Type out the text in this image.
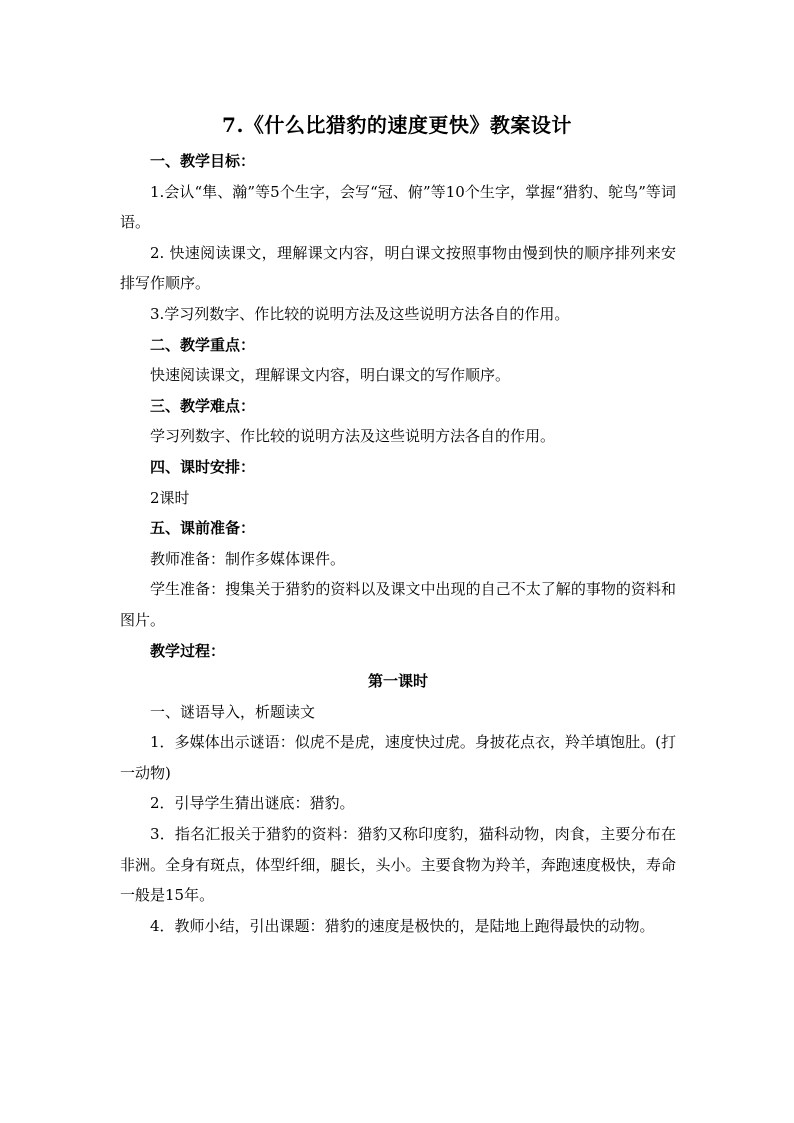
7.《什么比猎豹的速度更快》教案设计

一、教学目标：

1.会认“隼、瀚”等5个生字，会写“冠、俯”等10个生字，掌握“猎豹、鸵鸟”等词语。

2. 快速阅读课文，理解课文内容，明白课文按照事物由慢到快的顺序排列来安排写作顺序。

3.学习列数字、作比较的说明方法及这些说明方法各自的作用。

二、教学重点：

快速阅读课文，理解课文内容，明白课文的写作顺序。

三、教学难点：

学习列数字、作比较的说明方法及这些说明方法各自的作用。

四、课时安排：

2课时

五、课前准备：

教师准备：制作多媒体课件。

学生准备：搜集关于猎豹的资料以及课文中出现的自己不太了解的事物的资料和图片。

教学过程：

第一课时

一、谜语导入，析题读文

1．多媒体出示谜语：似虎不是虎，速度快过虎。身披花点衣，羚羊填饱肚。(打一动物)

2．引导学生猜出谜底：猎豹。

3．指名汇报关于猎豹的资料：猎豹又称印度豹，猫科动物，肉食，主要分布在非洲。全身有斑点，体型纤细，腿长，头小。主要食物为羚羊，奔跑速度极快，寿命一般是15年。

4．教师小结，引出课题：猎豹的速度是极快的，是陆地上跑得最快的动物。
